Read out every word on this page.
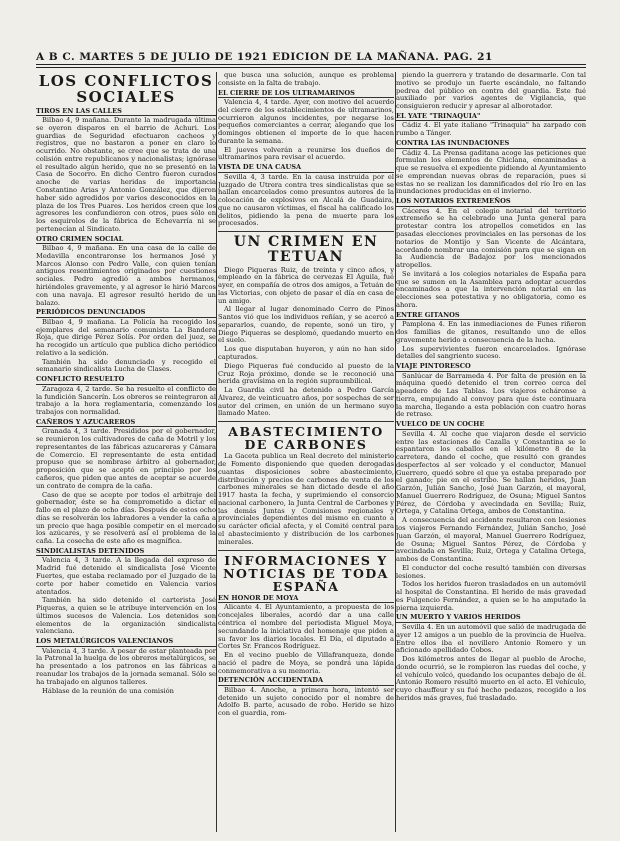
A B C. MARTES 5 DE JULIO DE 1921 EDICION DE LA MAÑANA. PAG. 21
LOS CONFLICTOS SOCIALES
TIROS EN LAS CALLES

Bilbao 4, 9 mañana. Durante la madrugada última se oyeron disparos en el barrio de Achuri. Los guardias de Seguridad efectuaron cacheos y registros, que no bastaron a poner en claro lo ocurrido. No obstante, se cree que se trata de una colisión entre republicanos y nacionalistas; ignórase el resultado algún herido, que no se presentó en la Casa de Socorro. En dicho Centro fueron curados anoche de varias heridas de importancia Constantino Arias y Antonio González, que dijeron haber sido agredidos por varios desconocidos en la plaza de los Tres Puares. Los heridos creen que los agresores les confundieron con otros, pues sólo en los esquirolos de la fábrica de Echevarría ni se pertenecían al Sindicato.

OTRO CRIMEN SOCIAL

Bilbao 4, 9 mañana. En una casa de la calle de Medavilla encontraronse los hermanos José y Marcos Alonso con Pedro Valle, con quien tenían antiguos resentimientos originados por cuestiones sociales. Pedro agredió a ambos hermanos, hiriéndoles gravemente, y al agresor le hirió Marcos con una navaja. El agresor resultó herido de un balazo.

PERIÓDICOS DENUNCIADOS

Bilbao 4, 9 mañana. La Policía ha recogido los ejemplares del semanario comunista La Bandera Roja, que dirige Pérez Solís. Por orden del juez, se ha recogido un artículo que publica dicho periódico relativo a la sedición.

También ha sido denunciado y recogido el semanario sindicalista Lucha de Clases.

CONFLICTO RESUELTO

Zaragoza 4, 2 tarde. Se ha resuelto el conflicto de la fundición Sancerín. Los obreros se reintegraron al trabajo a la hora reglamentaria, comenzando los trabajos con normalidad.

CAÑEROS Y AZUCAREROS

Granada 4, 3 tarde. Presididos por el gobernador, se reunieron los cultivadores de caña de Motril y los representantes de las fábricas azucareras y Cámara de Comercio. El representante de esta entidad propuso que se nombrase árbitro al gobernador, proposición que se aceptó en principio por los cañeros, que piden que antes de aceptar se acuerde un contrato de compra de la caña.

Caso de que se acepte por todos el arbitraje del gobernador, éste se ha comprometido a dictar el fallo en el plazo de ocho días. Después de estos ocho días se resolverán los labradores a vender la caña a un precio que haga posible competir en el mercado los azúcares, y se resolverá así el problema de la caña. La cosecha de este año es magnífica.

SINDICALISTAS DETENIDOS

Valencia 4, 3 tarde. A la llegada del expreso de Madrid fué detenido el sindicalista José Vicente Fuertes, que estaba reclamado por el Juzgado de la corte por haber cometido en Valencia varios atentados.

También ha sido detenido el carterista José Piqueras, a quien se le atribuye intervención en los últimos sucesos de Valencia. Los detenidos son elementos de la organización sindicalista valenciana.

LOS METALÚRGICOS VALENCIANOS

Valencia 4, 3 tarde. A pesar de estar planteada por la Patronal la huelga de los obreros metalúrgicos, se ha presentado a los patronos en las fábricas a reanudar los trabajos de la jornada semanal. Sólo se ha trabajado en algunos talleres.

Háblase de la reunión de una comisión

que busca una solución, aunque es problema consiste en la falta de trabajo.

EL CIERRE DE LOS ULTRAMARINOS

Valencia 4, 4 tarde. Ayer, con motivo del acuerdo del cierre de los establecimientos de ultramarinos, ocurrieron algunos incidentes, por negarse los pequeños comerciantes a cerrar, alegando que los domingos obtienen el importe de lo que hacen durante la semana.

El jueves volverán a reunirse los dueños de ultramarinos para revisar el acuerdo.

VISTA DE UNA CAUSA

Sevilla 4, 3 tarde. En la causa instruida por el Juzgado de Utrera contra tres sindicalistas que se hallan encarcelados como presuntos autores de la colocación de explosivos en Alcalá de Guadaira, que no causaron víctimas, el fiscal ha calificado los delitos, pidiendo la pena de muerte para los procesados.

UN CRIMEN EN TETUAN

Diego Piqueras Ruiz, de treinta y cinco años, y empleado en la fábrica de cervezas El Águila, fué ayer, en compañía de otros dos amigos, a Tetuán de las Victorias, con objeto de pasar el día en casa de un amigo.

Al llegar al lugar denominado Cerro de Pinos Santos vió que los individuos reñían, y se acercó a separarlos, cuando, de repente, sonó un tiro, y Diego Piqueras se desplomó, quedando muerto en el suelo.

Los que disputaban huyeron, y aún no han sido capturados.

Diego Piqueras fué conducido al puesto de la Cruz Roja próximo, donde se le reconoció una herida gravísima en la región supraumbilical.

La Guardia civil ha detenido a Pedro García Álvarez, de veinticuatro años, por sospechas de ser autor del crimen, en unión de un hermano suyo llamado Mateo.

ABASTECIMIENTO DE CARBONES

La Gaceta publica un Real decreto del ministerio de Fomento disponiendo que queden derogadas cuantas disposiciones sobre abastecimiento, distribución y precios de carbones de venta de los carbones minerales se han dictado desde el año 1917 hasta la fecha, y suprimiendo el consorcio nacional carbonero, la Junta Central de Carbones y las demás Juntas y Comisiones regionales y provinciales dependientes del mismo en cuanto a su carácter oficial afecta, y el Comité central para el abastecimiento y distribución de los carbones minerales.

INFORMACIONES Y NOTICIAS DE TODA ESPAÑA
EN HONOR DE MOYA

Alicante 4. El Ayuntamiento, a propuesta de los concejales liberales, acordó dar a una calle céntrica el nombre del periodista Miguel Moya, secundando la iniciativa del homenaje que piden a su favor los diarios locales. El Día, el diputado a Cortes Sr. Francos Rodríguez.

En el vecino pueblo de Villafranqueza, donde nació el padre de Moya, se pondrá una lápida conmemorativa a su memoria.

DETENCIÓN ACCIDENTADA

Bilbao 4. Anoche, a primera hora, intentó ser detenido un sujeto conocido por el nombre de Adolfo B. parte, acusado de robo. Herido se hizo con el guardia, rom-

piendo la guerrera y tratando de desarmarle. Con tal motivo se produjo un fuerte escándalo, no faltando pedrea del público en contra del guardia. Este fué auxiliado por varios agentes de Vigilancia, que consiguieron reducir y apresar al alborotador.

EL YATE "TRINAQUIA"

Cádiz 4. El yate italiano "Trinaquia" ha zarpado con rumbo a Tánger.

CONTRA LAS INUNDACIONES

Cádiz 4. La Prensa gaditana acoge las peticiones que formulan los elementos de Chiclana, encaminadas a que se resuelva el expediente pidiendo al Ayuntamiento se emprendan nuevas obras de reparación, pues si estas no se realizan los damnificados del río Iro en las inundaciones producidas en el invierno.

LOS NOTARIOS EXTREMEÑOS

Cáceres 4. En el colegio notarial del territorio extremeño se ha celebrado una Junta general para protestar contra los atropellos cometidos en las pasadas elecciones provinciales en las personas de los notarios de Montijo y San Vicente de Alcántara, acordando nombrar una comisión para que se sigan en la Audiencia de Badajoz por los mencionados atropellos.

Se invitará a los colegios notariales de España para que se sumen en la Asamblea para adoptar acuerdos encaminados a que la intervención notarial en las elecciones sea potestativa y no obligatoria, como es ahora.

ENTRE GITANOS

Pamplona 4. En las inmediaciones de Funes riñeron dos familias de gitanos, resultando uno de ellos gravemente herido a consecuencia de la lucha.

Los supervivientes fueron encarcelados. Ignórase detalles del sangriento suceso.

VIAJE PINTORESCO

Sanlúcar de Barrameda 4. Por falta de presión en la máquina quedó detenido el tren correo cerca del apeadero de Las Tablas. Los viajeros echáronse a tierra, empujando al convoy para que éste continuara la marcha, llegando a esta población con cuatro horas de retraso.

VUELCO DE UN COCHE

Sevilla 4. Al coche que viajaron desde el servicio entre las estaciones de Cazalla y Constantina se le espantaron los caballos en el kilómetro 8 de la carretera, dando el coche, que resultó con grandes desperfectos al ser volcado y el conductor, Manuel Guerrero, quedó sobre el que ya estaba preparado por el ganado; pie en el estribo. Se hallan heridos, Juan Garzón, Julián Sancho, José Juan Garzón, el mayoral, Manuel Guerrero Rodríguez, de Osuna; Miguel Santos Pérez, de Córdoba y avecindada en Sevilla; Ruiz, Ortega, y Catalina Ortega, ambos de Constantina.

A consecuencia del accidente resultaron con lesiones los viajeros Fernando Fernández, Julián Sancho, José Juan Garzón, el mayoral, Manuel Guerrero Rodríguez, de Osuna; Miguel Santos Pérez, de Córdoba y avecindada en Sevilla; Ruiz, Ortega y Catalina Ortega, ambos de Constantina.

El conductor del coche resultó también con diversas lesiones.

Todos los heridos fueron trasladados en un automóvil al hospital de Constantina. El herido de más gravedad es Fulgencio Fernández, a quien se le ha amputado la pierna izquierda.

UN MUERTO Y VARIOS HERIDOS

Sevilla 4. En un automóvil que salió de madrugada de ayer 12 amigos a un pueblo de la provincia de Huelva. Entre ellos iba el novillero Antonio Romero y un aficionado apellidado Cobos.

Dos kilómetros antes de llegar al pueblo de Aroche, donde ocurrió, se le rompieron las ruedas del coche, y el vehículo volcó, quedando los ocupantes debajo de él. Antonio Romero resultó muerto en el acto. El vehículo, cuyo chauffeur y su fué hecho pedazos, recogido a los heridos más graves, fué trasladado.
